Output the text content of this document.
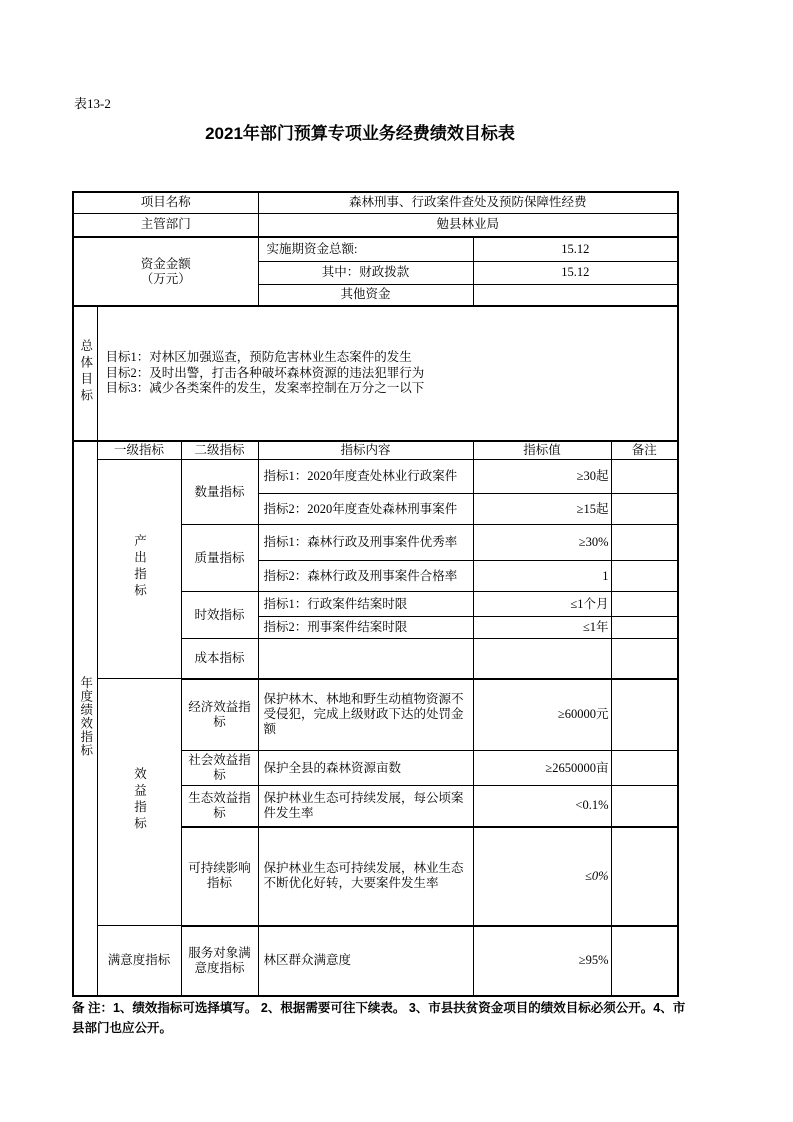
表13-2
2021年部门预算专项业务经费绩效目标表
项目名称			森林刑事、行政案件查处及预防保障性经费		
主管部门			勉县林业局		

资金金额
（万元）			实施期资金总额:	15.12	
			其中：财政拨款	15.12	
			其他资金		
总体目标	目标1：对林区加强巡查，预防危害林业生态案件的发生
目标2：及时出警，打击各种破坏森林资源的违法犯罪行为
目标3：减少各类案件的发生，发案率控制在万分之一以下				

年度绩效指标	一级指标	二级指标	指标内容	指标值	备注
	产出指标	数量指标	指标1：2020年度查处林业行政案件	≥30起	
			指标2：2020年度查处森林刑事案件	≥15起	
		质量指标	指标1：森林行政及刑事案件优秀率	≥30%	
			指标2：森林行政及刑事案件合格率	1	
		时效指标	指标1：行政案件结案时限	≤1个月	
			指标2：刑事案件结案时限	≤1年	
		成本指标			
	效益指标	经济效益指标	保护林木、林地和野生动植物资源不受侵犯，完成上级财政下达的处罚金额	≥60000元	
		社会效益指标	保护全县的森林资源亩数	≥2650000亩	
		生态效益指标	保护林业生态可持续发展，每公顷案件发生率	<0.1%	
		可持续影响指标	保护林业生态可持续发展，林业生态不断优化好转，大要案件发生率	≤0%	
	满意度指标	服务对象满意度指标	林区群众满意度	≥95%	
备 注：1、绩效指标可选择填写。 2、根据需要可往下续表。 3、市县扶贫资金项目的绩效目标必须公开。4、市县部门也应公开。
